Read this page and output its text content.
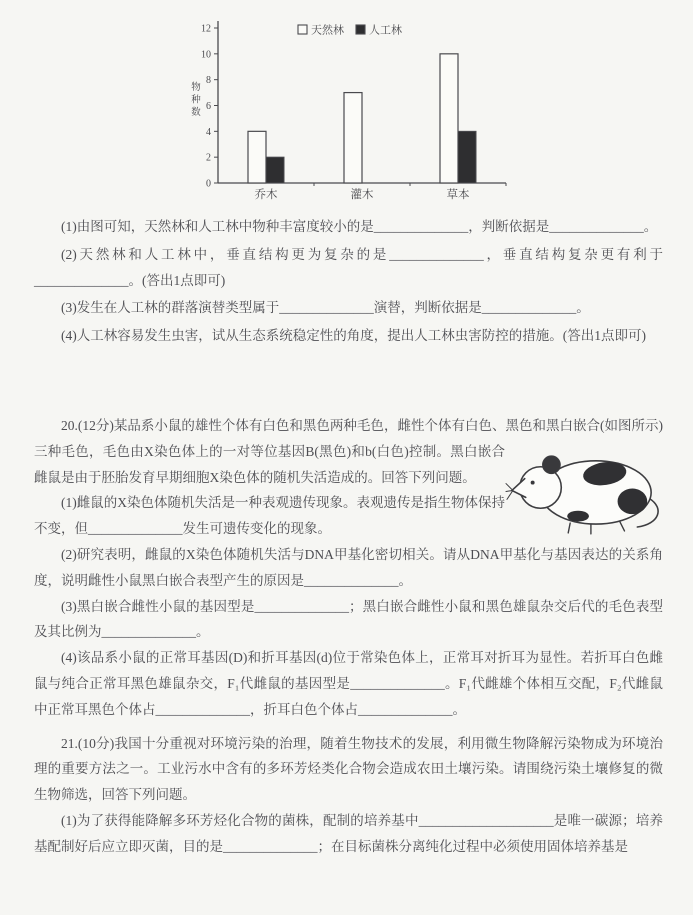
0
2
4
6
8
10
12
物
种
数
乔木	灌木	草本
天然林 人工林

(1)由图可知，天然林和人工林中物种丰富度较小的是______________，判断依据是______________。

(2)天然林和人工林中，垂直结构更为复杂的是______________，垂直结构复杂更有利于______________。(答出1点即可)

(3)发生在人工林的群落演替类型属于______________演替，判断依据是______________。

(4)人工林容易发生虫害，试从生态系统稳定性的角度，提出人工林虫害防控的措施。(答出1点即可)

20.(12分)某品系小鼠的雄性个体有白色和黑色两种毛色，雌性个体有白色、黑色和黑白嵌合(如图所示)三种毛色，毛色由X染色体上的一对等位基因B(黑色)和b(白色)控制。黑白嵌合雌鼠是由于胚胎发育早期细胞X染色体的随机失活造成的。回答下列问题。

(1)雌鼠的X染色体随机失活是一种表观遗传现象。表观遗传是指生物体保持不变，但______________发生可遗传变化的现象。

(2)研究表明，雌鼠的X染色体随机失活与DNA甲基化密切相关。请从DNA甲基化与基因表达的关系角度，说明雌性小鼠黑白嵌合表型产生的原因是______________。

(3)黑白嵌合雌性小鼠的基因型是______________；黑白嵌合雌性小鼠和黑色雄鼠杂交后代的毛色表型及其比例为______________。

(4)该品系小鼠的正常耳基因(D)和折耳基因(d)位于常染色体上，正常耳对折耳为显性。若折耳白色雌鼠与纯合正常耳黑色雄鼠杂交，F₁代雌鼠的基因型是______________。F₁代雌雄个体相互交配，F₂代雌鼠中正常耳黑色个体占______________，折耳白色个体占______________。

21.(10分)我国十分重视对环境污染的治理，随着生物技术的发展，利用微生物降解污染物成为环境治理的重要方法之一。工业污水中含有的多环芳烃类化合物会造成农田土壤污染。请围绕污染土壤修复的微生物筛选，回答下列问题。

(1)为了获得能降解多环芳烃化合物的菌株，配制的培养基中____________________是唯一碳源；培养基配制好后应立即灭菌，目的是______________；在目标菌株分离纯化过程中必须使用固体培养基是
